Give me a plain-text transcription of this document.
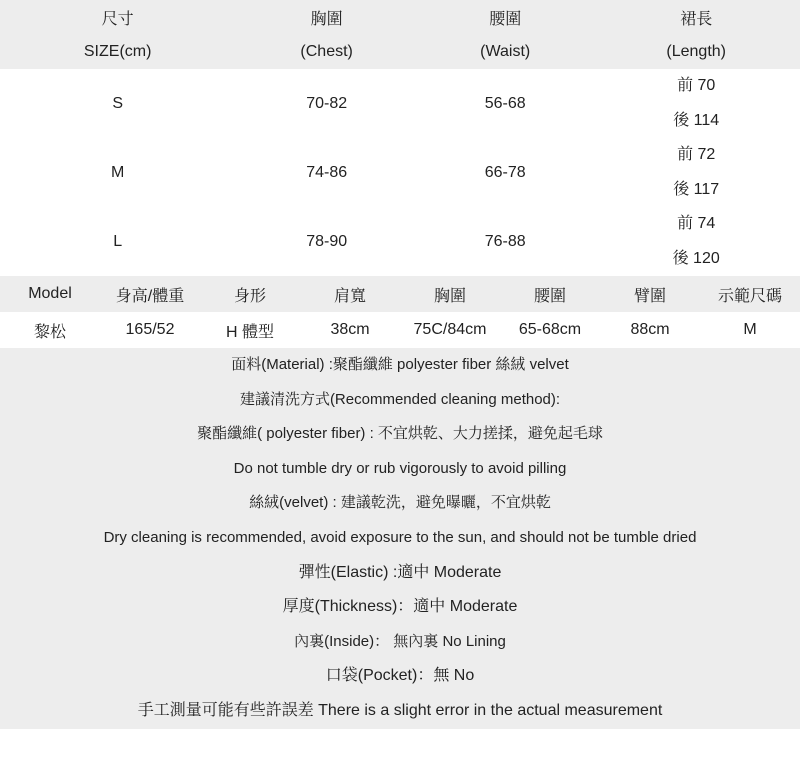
尺寸	胸圍	腰圍	裙長
SIZE(cm)	(Chest)	(Waist)	(Length)
S	70-82	56-68	前 70
後 114

M	74-86	66-78	前 72
後 117

L	78-90	76-88	前 74
後 120
Model	身高/體重	身形	肩寬	胸圍	腰圍	臂圍	示範尺碼
黎松	165/52	H 體型	38cm	75C/84cm	65-68cm	88cm	M
面料(Material) :聚酯纖維 polyester fiber 絲絨 velvet
建議清洗方式(Recommended cleaning method):
聚酯纖維( polyester fiber) : 不宜烘乾、大力搓揉，避免起毛球
Do not tumble dry or rub vigorously to avoid pilling
絲絨(velvet) : 建議乾洗，避免曝曬，不宜烘乾
Dry cleaning is recommended, avoid exposure to the sun, and should not be tumble dried
彈性(Elastic) :適中 Moderate
厚度(Thickness)：適中 Moderate
內裏(Inside)： 無內裏 No Lining
口袋(Pocket)：無 No
手工測量可能有些許誤差 There is a slight error in the actual measurement
